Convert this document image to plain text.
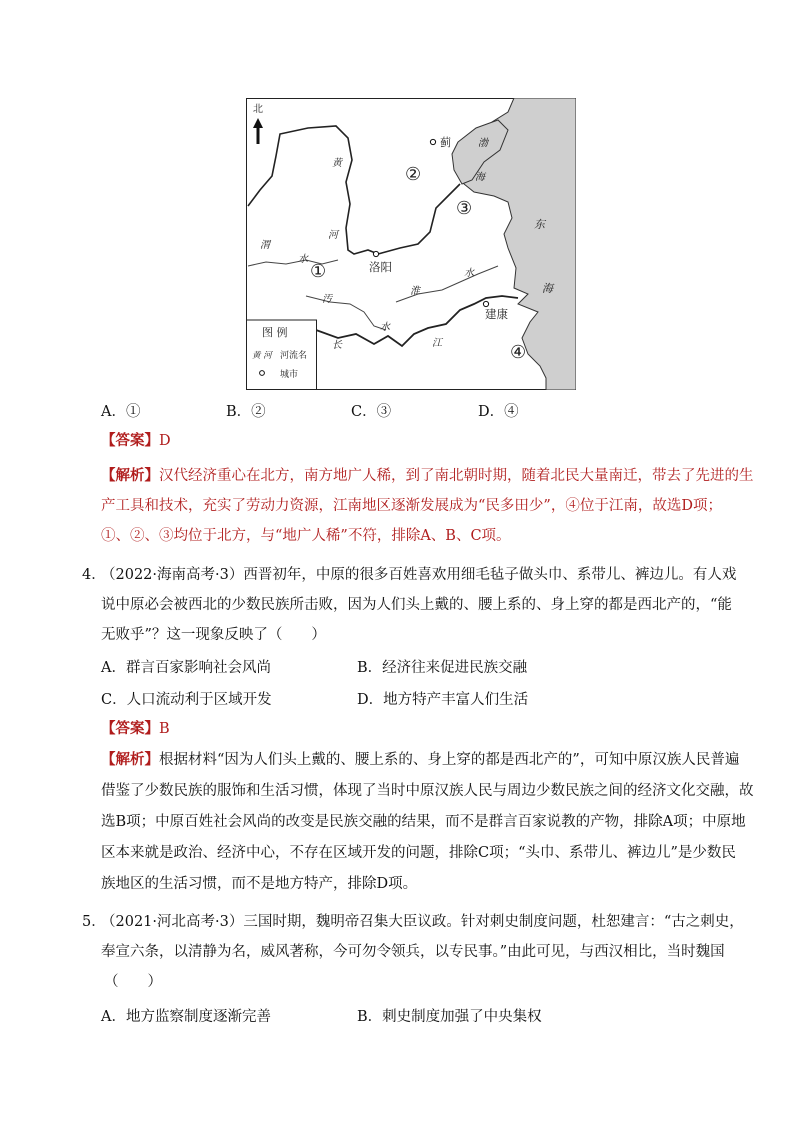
北
蓟
洛阳
建康
②
③
①
④
渤
海
东
海
黄
河
渭
水
淮
水
汚
水
长	江
图 例
黄 河 河流名
城市
A．①	B．②	C．③	D．④
【答案】D
【解析】汉代经济重心在北方，南方地广人稀，到了南北朝时期，随着北民大量南迁，带去了先进的生
产工具和技术，充实了劳动力资源，江南地区逐渐发展成为“民多田少”，④位于江南，故选D项；
①、②、③均位于北方，与“地广人稀”不符，排除A、B、C项。
4．
（2022·海南高考·3）西晋初年，中原的很多百姓喜欢用细毛毡子做头巾、系带儿、裤边儿。有人戏
说中原必会被西北的少数民族所击败，因为人们头上戴的、腰上系的、身上穿的都是西北产的，“能
无败乎”？这一现象反映了（　　）
A．群言百家影响社会风尚	B．经济往来促进民族交融
C．人口流动利于区域开发	D．地方特产丰富人们生活
【答案】B
【解析】根据材料“因为人们头上戴的、腰上系的、身上穿的都是西北产的”，可知中原汉族人民普遍
借鉴了少数民族的服饰和生活习惯，体现了当时中原汉族人民与周边少数民族之间的经济文化交融，故
选B项；中原百姓社会风尚的改变是民族交融的结果，而不是群言百家说教的产物，排除A项；中原地
区本来就是政治、经济中心，不存在区域开发的问题，排除C项；“头巾、系带儿、裤边儿”是少数民
族地区的生活习惯，而不是地方特产，排除D项。
5．
（2021·河北高考·3）三国时期，魏明帝召集大臣议政。针对刺史制度问题，杜恕建言：“古之刺史，
奉宣六条，以清静为名，威风著称，今可勿令领兵，以专民事。”由此可见，与西汉相比，当时魏国
（　　）
A．地方监察制度逐渐完善	B．刺史制度加强了中央集权
